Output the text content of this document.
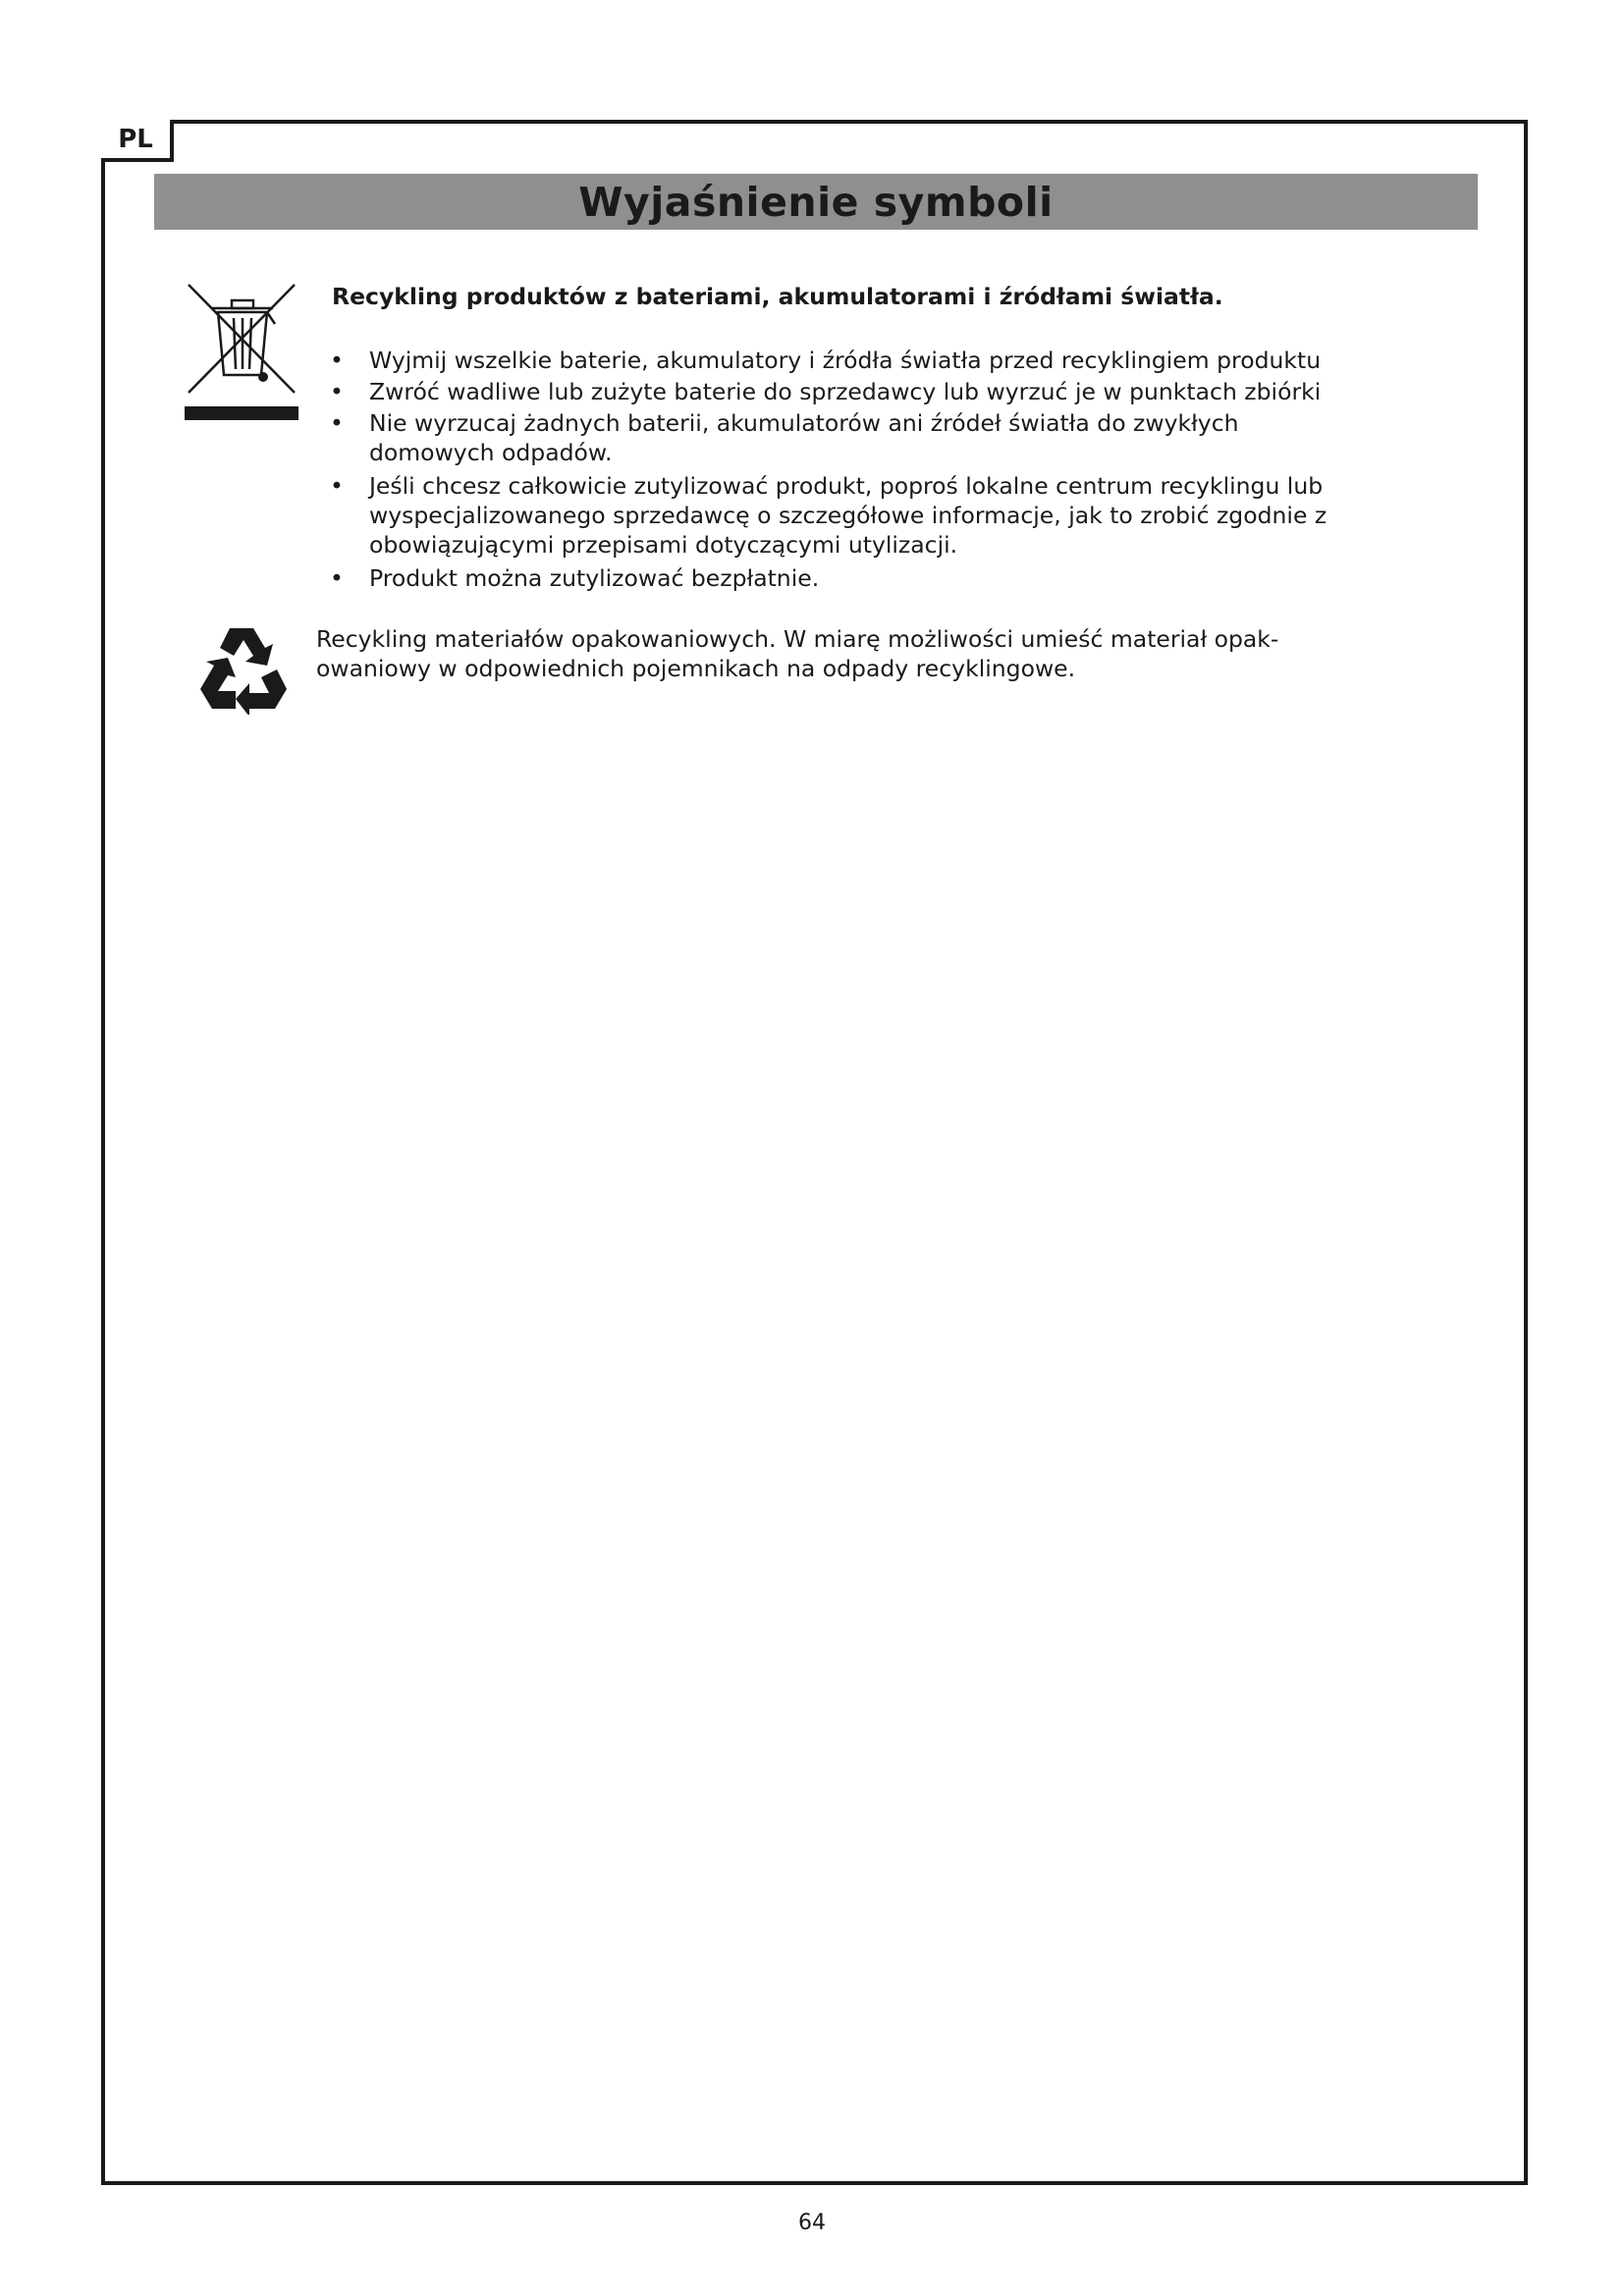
PL
Wyjaśnienie symboli
Recykling produktów z bateriami, akumulatorami i źródłami światła.
• Wyjmij wszelkie baterie, akumulatory i źródła światła przed recyklingiem produktu
• Zwróć wadliwe lub zużyte baterie do sprzedawcy lub wyrzuć je w punktach zbiórki
• Nie wyrzucaj żadnych baterii, akumulatorów ani źródeł światła do zwykłych domowych odpadów.
• Jeśli chcesz całkowicie zutylizować produkt, poproś lokalne centrum recyklingu lub wyspecjalizowanego sprzedawcę o szczegółowe informacje, jak to zrobić zgodnie z obowiązującymi przepisami dotyczącymi utylizacji.
• Produkt można zutylizować bezpłatnie.

Recykling materiałów opakowaniowych. W miarę możliwości umieść materiał opak-owaniowy w odpowiednich pojemnikach na odpady recyklingowe.

64
